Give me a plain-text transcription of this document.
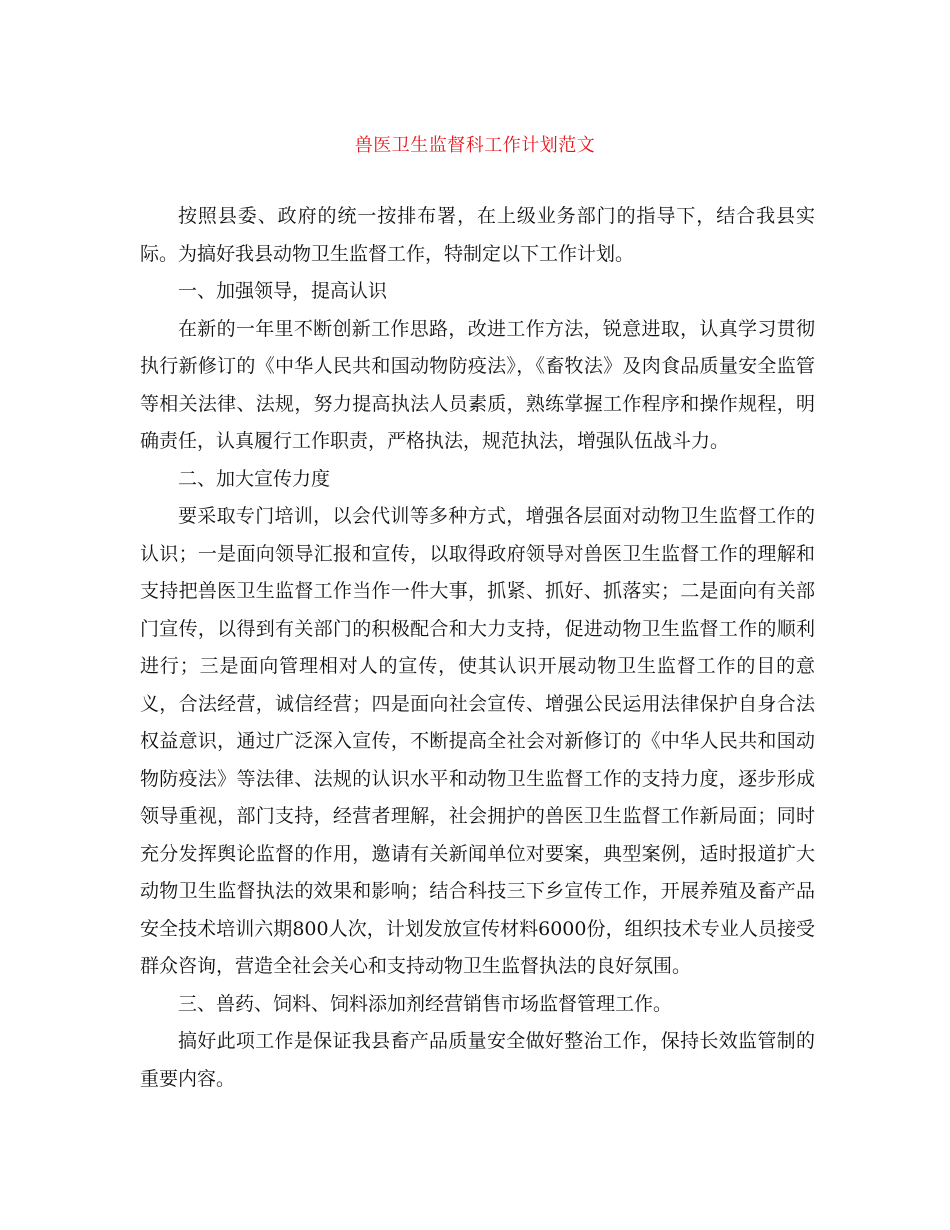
兽医卫生监督科工作计划范文

按照县委、政府的统一按排布署，在上级业务部门的指导下，结合我县实际。为搞好我县动物卫生监督工作，特制定以下工作计划。

一、加强领导，提高认识

在新的一年里不断创新工作思路，改进工作方法，锐意进取，认真学习贯彻执行新修订的《中华人民共和国动物防疫法》，《畜牧法》及肉食品质量安全监管等相关法律、法规，努力提高执法人员素质，熟练掌握工作程序和操作规程，明确责任，认真履行工作职责，严格执法，规范执法，增强队伍战斗力。

二、加大宣传力度

要采取专门培训，以会代训等多种方式，增强各层面对动物卫生监督工作的认识；一是面向领导汇报和宣传，以取得政府领导对兽医卫生监督工作的理解和支持把兽医卫生监督工作当作一件大事，抓紧、抓好、抓落实；二是面向有关部门宣传，以得到有关部门的积极配合和大力支持，促进动物卫生监督工作的顺利进行；三是面向管理相对人的宣传，使其认识开展动物卫生监督工作的目的意义，合法经营，诚信经营；四是面向社会宣传、增强公民运用法律保护自身合法权益意识，通过广泛深入宣传，不断提高全社会对新修订的《中华人民共和国动物防疫法》等法律、法规的认识水平和动物卫生监督工作的支持力度，逐步形成领导重视，部门支持，经营者理解，社会拥护的兽医卫生监督工作新局面；同时充分发挥舆论监督的作用，邀请有关新闻单位对要案，典型案例，适时报道扩大动物卫生监督执法的效果和影响；结合科技三下乡宣传工作，开展养殖及畜产品安全技术培训六期800人次，计划发放宣传材料6000份，组织技术专业人员接受群众咨询，营造全社会关心和支持动物卫生监督执法的良好氛围。

三、兽药、饲料、饲料添加剂经营销售市场监督管理工作。

搞好此项工作是保证我县畜产品质量安全做好整治工作，保持长效监管制的重要内容。
